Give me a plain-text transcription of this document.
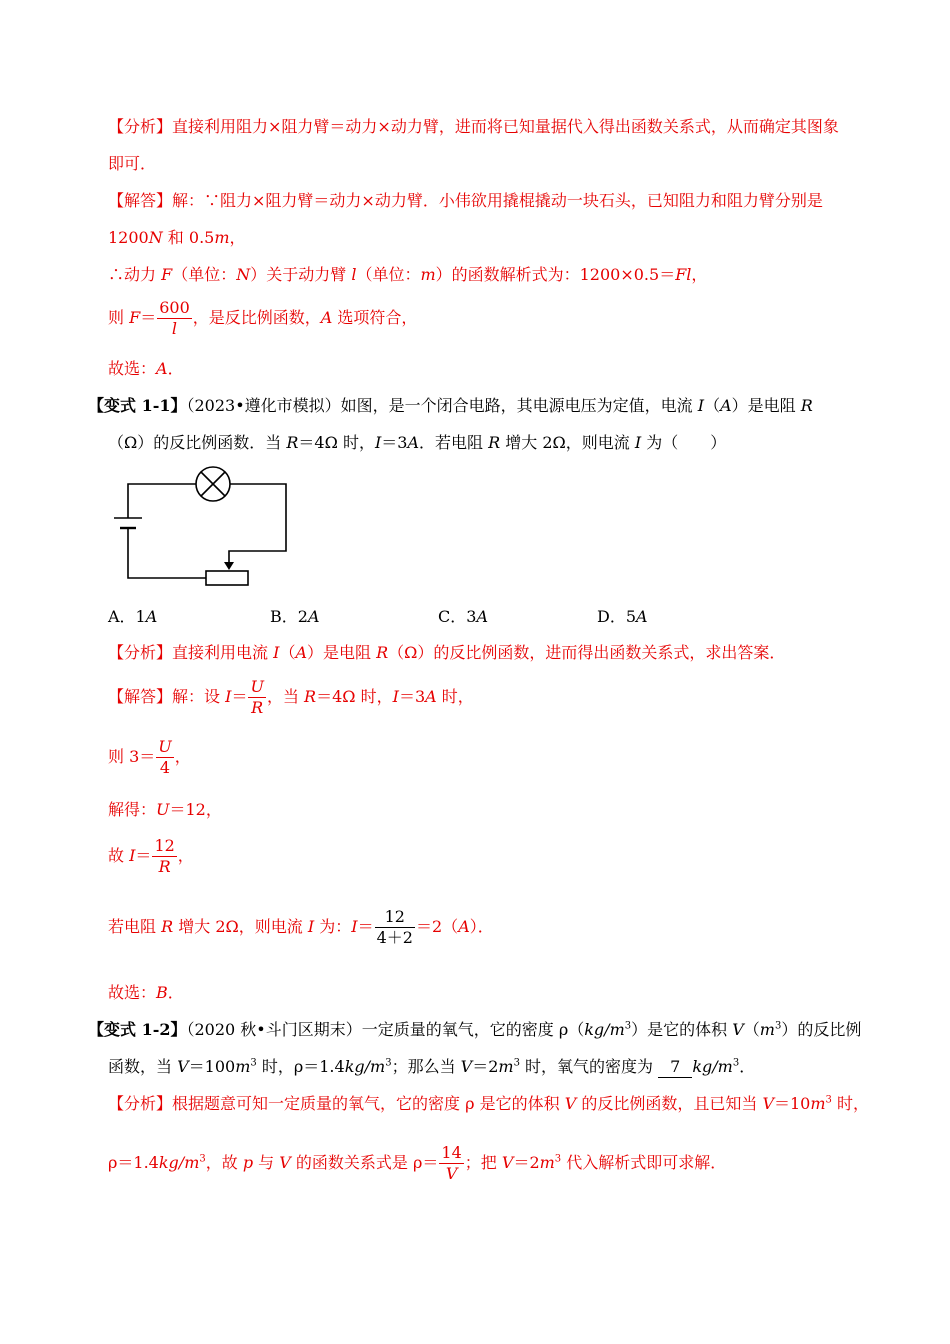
【分析】直接利用阻力×阻力臂＝动力×动力臂，进而将已知量据代入得出函数关系式，从而确定其图象
即可．
【解答】解：∵阻力×阻力臂＝动力×动力臂．小伟欲用撬棍撬动一块石头，已知阻力和阻力臂分别是
1200N 和 0.5m，
∴动力 F（单位：N）关于动力臂 l（单位：m）的函数解析式为：1200×0.5＝Fl，
则 $F= \frac{600}{l}$ ，是反比例函数，A 选项符合，
故选：A．
【变式 1-1】（2023•遵化市模拟）如图，是一个闭合电路，其电源电压为定值，电流 I（A）是电阻 R
（Ω）的反比例函数．当 R＝4Ω 时，I＝3A．若电阻 R 增大 2Ω，则电流 I 为（　　）
A．1A	B．2A	C．3A	D．5A
【分析】直接利用电流 I（A）是电阻 R（Ω）的反比例函数，进而得出函数关系式，求出答案．
【解答】解：设 $I= \frac{U}{R}$ ，当 R＝4Ω 时，I＝3A 时，
则 $3= \frac{U}{4}$ ，
解得：U＝12，
故 $I= \frac{12}{R}$ ，
若电阻 R 增大 2Ω，则电流 I 为：$I= \frac{12}{4+2} =2(A)$．
故选：B．
【变式 1-2】（2020 秋•斗门区期末）一定质量的氧气，它的密度 $\rho(kg/m^3)$是它的体积 $V(m^3)$的反比例
函数，当 $V=100m^3$ 时，$\rho=1.4kg/m^3$；那么当 $V=2m^3$ 时，氧气的密度为 7 $kg/m^3$．
【分析】根据题意可知一定质量的氧气，它的密度 ρ 是它的体积 V 的反比例函数，且已知当 $V=10m^3$ 时，
$\rho=1.4kg/m^3$，故 p 与 V 的函数关系式是 $\rho= \frac{14}{V}$ ；把 $V=2m^3$ 代入解析式即可求解．
